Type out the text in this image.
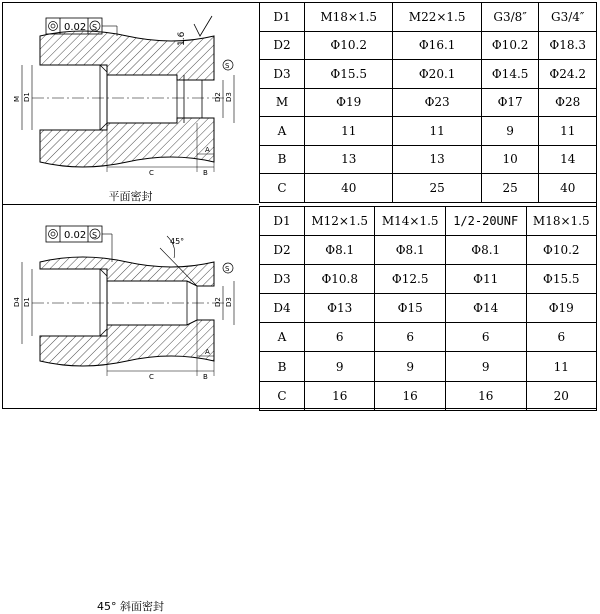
0.02 S
1.6
S
M D1	D2 D3
A
B
C
平面密封
45°
0.02 S
S
D4 D1	D2 D3
A
B
C
45° 斜面密封
D1	M18×1.5	M22×1.5	G3/8″	G3/4″
D2	Φ10.2	Φ16.1	Φ10.2	Φ18.3
D3	Φ15.5	Φ20.1	Φ14.5	Φ24.2
M	Φ19	Φ23	Φ17	Φ28
A	11	11	9	11
B	13	13	10	14
C	40	25	25	40
D1	M12×1.5	M14×1.5	1/2-20UNF	M18×1.5
D2	Φ8.1	Φ8.1	Φ8.1	Φ10.2
D3	Φ10.8	Φ12.5	Φ11	Φ15.5
D4	Φ13	Φ15	Φ14	Φ19
A	6	6	6	6
B	9	9	9	11
C	16	16	16	20
